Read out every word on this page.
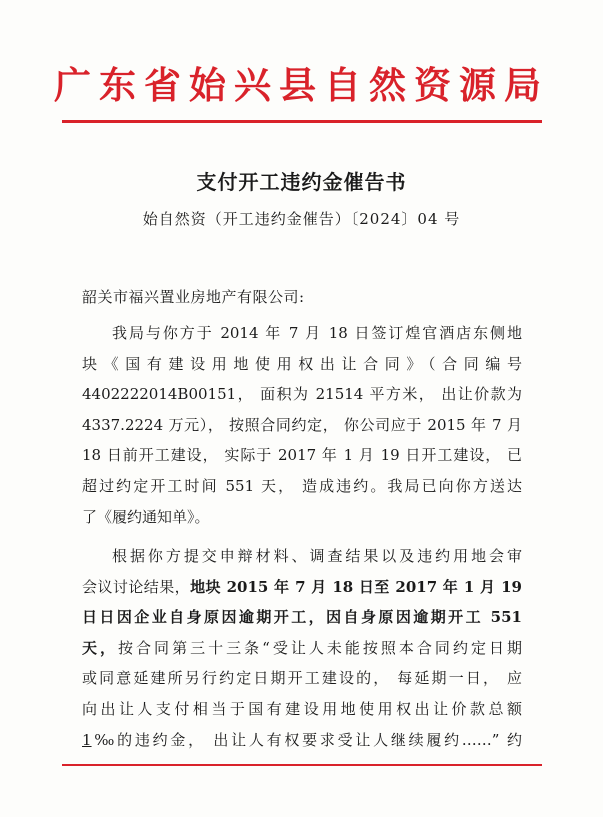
广东省始兴县自然资源局
支付开工违约金催告书
始自然资（开工违约金催告）〔2024〕04 号
韶关市福兴置业房地产有限公司:
我局与你方于 2014 年 7 月 18 日签订煌官酒店东侧地
块《国有建设用地使用权出让合同》（合同编号
4402222014B00151， 面积为 21514 平方米， 出让价款为
4337.2224 万元）， 按照合同约定， 你公司应于 2015 年 7 月
18 日前开工建设， 实际于 2017 年 1 月 19 日开工建设， 已
超过约定开工时间 551 天， 造成违约。我局已向你方送达
了《履约通知单》。
根据你方提交申辩材料、调查结果以及违约用地会审
会议讨论结果，地块 2015 年 7 月 18 日至 2017 年 1 月 19
日日因企业自身原因逾期开工，因自身原因逾期开工 551
天，按合同第三十三条“受让人未能按照本合同约定日期
或同意延建所另行约定日期开工建设的， 每延期一日， 应
向出让人支付相当于国有建设用地使用权出让价款总额
1‰的违约金， 出让人有权要求受让人继续履约……” 约
